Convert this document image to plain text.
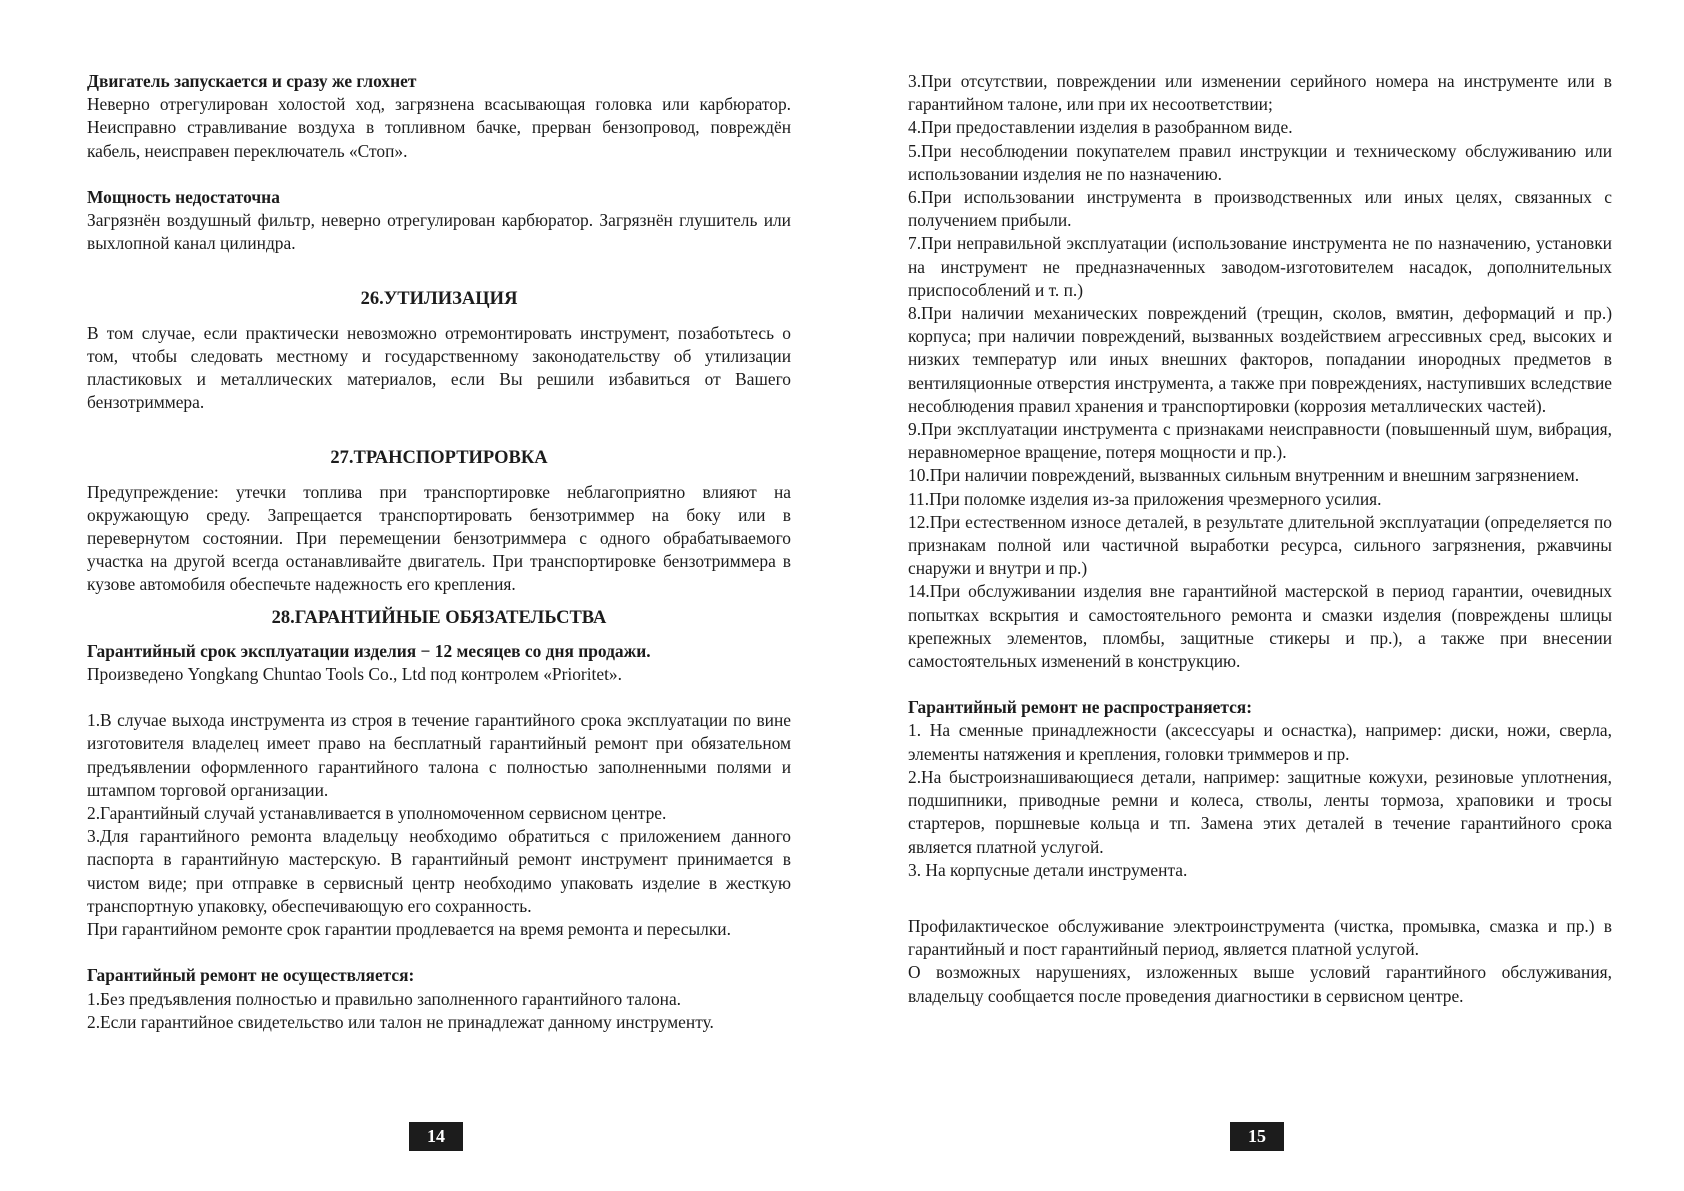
Двигатель запускается и сразу же глохнет

Неверно отрегулирован холостой ход, загрязнена всасывающая головка или карбюратор. Неисправно стравливание воздуха в топливном бачке, прерван бензопровод, повреждён кабель, неисправен переключатель «Стоп».

Мощность недостаточна

Загрязнён воздушный фильтр, неверно отрегулирован карбюратор. Загрязнён глушитель или выхлопной канал цилиндра.

26.УТИЛИЗАЦИЯ

В том случае, если практически невозможно отремонтировать инструмент, позаботьтесь о том, чтобы следовать местному и государственному законодательству об утилизации пластиковых и металлических материалов, если Вы решили избавиться от Вашего бензотриммера.

27.ТРАНСПОРТИРОВКА

Предупреждение: утечки топлива при транспортировке неблагоприятно влияют на окружающую среду. Запрещается транспортировать бензотриммер на боку или в перевернутом состоянии. При перемещении бензотриммера с одного обрабатываемого участка на другой всегда останавливайте двигатель. При транспортировке бензотриммера в кузове автомобиля обеспечьте надежность его крепления.

28.ГАРАНТИЙНЫЕ ОБЯЗАТЕЛЬСТВА

Гарантийный срок эксплуатации изделия − 12 месяцев со дня продажи.

Произведено Yongkang Chuntao Tools Co., Ltd под контролем «Prioritet».

1.В случае выхода инструмента из строя в течение гарантийного срока эксплуатации по вине изготовителя владелец имеет право на бесплатный гарантийный ремонт при обязательном предъявлении оформленного гарантийного талона с полностью заполненными полями и штампом торговой организации.

2.Гарантийный случай устанавливается в уполномоченном сервисном центре.

3.Для гарантийного ремонта владельцу необходимо обратиться с приложением данного паспорта в гарантийную мастерскую. В гарантийный ремонт инструмент принимается в чистом виде; при отправке в сервисный центр необходимо упаковать изделие в жесткую транспортную упаковку, обеспечивающую его сохранность.

При гарантийном ремонте срок гарантии продлевается на время ремонта и пересылки.

Гарантийный ремонт не осуществляется:

1.Без предъявления полностью и правильно заполненного гарантийного талона.

2.Если гарантийное свидетельство или талон не принадлежат данному инструменту.

3.При отсутствии, повреждении или изменении серийного номера на инструменте или в гарантийном талоне, или при их несоответствии;

4.При предоставлении изделия в разобранном виде.

5.При несоблюдении покупателем правил инструкции и техническому обслуживанию или использовании изделия не по назначению.

6.При использовании инструмента в производственных или иных целях, связанных с получением прибыли.

7.При неправильной эксплуатации (использование инструмента не по назначению, установки на инструмент не предназначенных заводом-изготовителем насадок, дополнительных приспособлений и т. п.)

8.При наличии механических повреждений (трещин, сколов, вмятин, деформаций и пр.) корпуса; при наличии повреждений, вызванных воздействием агрессивных сред, высоких и низких температур или иных внешних факторов, попадании инородных предметов в вентиляционные отверстия инструмента, а также при повреждениях, наступивших вследствие несоблюдения правил хранения и транспортировки (коррозия металлических частей).

9.При эксплуатации инструмента с признаками неисправности (повышенный шум, вибрация, неравномерное вращение, потеря мощности и пр.).

10.При наличии повреждений, вызванных сильным внутренним и внешним загрязнением.

11.При поломке изделия из-за приложения чрезмерного усилия.

12.При естественном износе деталей, в результате длительной эксплуатации (определяется по признакам полной или частичной выработки ресурса, сильного загрязнения, ржавчины снаружи и внутри и пр.)

14.При обслуживании изделия вне гарантийной мастерской в период гарантии, очевидных попытках вскрытия и самостоятельного ремонта и смазки изделия (повреждены шлицы крепежных элементов, пломбы, защитные стикеры и пр.), а также при внесении самостоятельных изменений в конструкцию.

Гарантийный ремонт не распространяется:

1. На сменные принадлежности (аксессуары и оснастка), например: диски, ножи, сверла, элементы натяжения и крепления, головки триммеров и пр.

2.На быстроизнашивающиеся детали, например: защитные кожухи, резиновые уплотнения, подшипники, приводные ремни и колеса, стволы, ленты тормоза, храповики и тросы стартеров, поршневые кольца и тп. Замена этих деталей в течение гарантийного срока является платной услугой.

3. На корпусные детали инструмента.

Профилактическое обслуживание электроинструмента (чистка, промывка, смазка и пр.) в гарантийный и пост гарантийный период, является платной услугой.

О возможных нарушениях, изложенных выше условий гарантийного обслуживания, владельцу сообщается после проведения диагностики в сервисном центре.

14	15
